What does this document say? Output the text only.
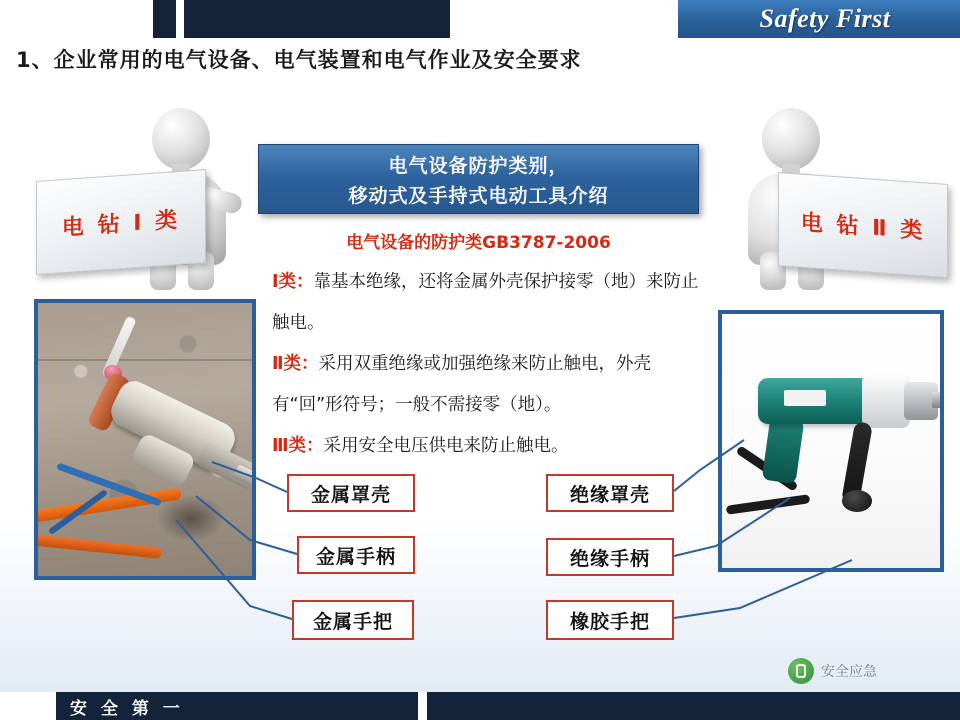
Safety First
1、企业常用的电气设备、电气装置和电气作业及安全要求
电 钻 Ⅰ 类	电 钻 Ⅱ 类
电气设备防护类别，
移动式及手持式电动工具介绍
电气设备的防护类GB3787-2006
Ⅰ类：靠基本绝缘，还将金属外壳保护接零（地）来防止触电。
Ⅱ类：采用双重绝缘或加强绝缘来防止触电，外壳有“回”形符号；一般不需接零（地）。
Ⅲ类：采用安全电压供电来防止触电。
金属罩壳
金属手柄
金属手把
绝缘罩壳
绝缘手柄
橡胶手把
安全应急
安 全 第 一
